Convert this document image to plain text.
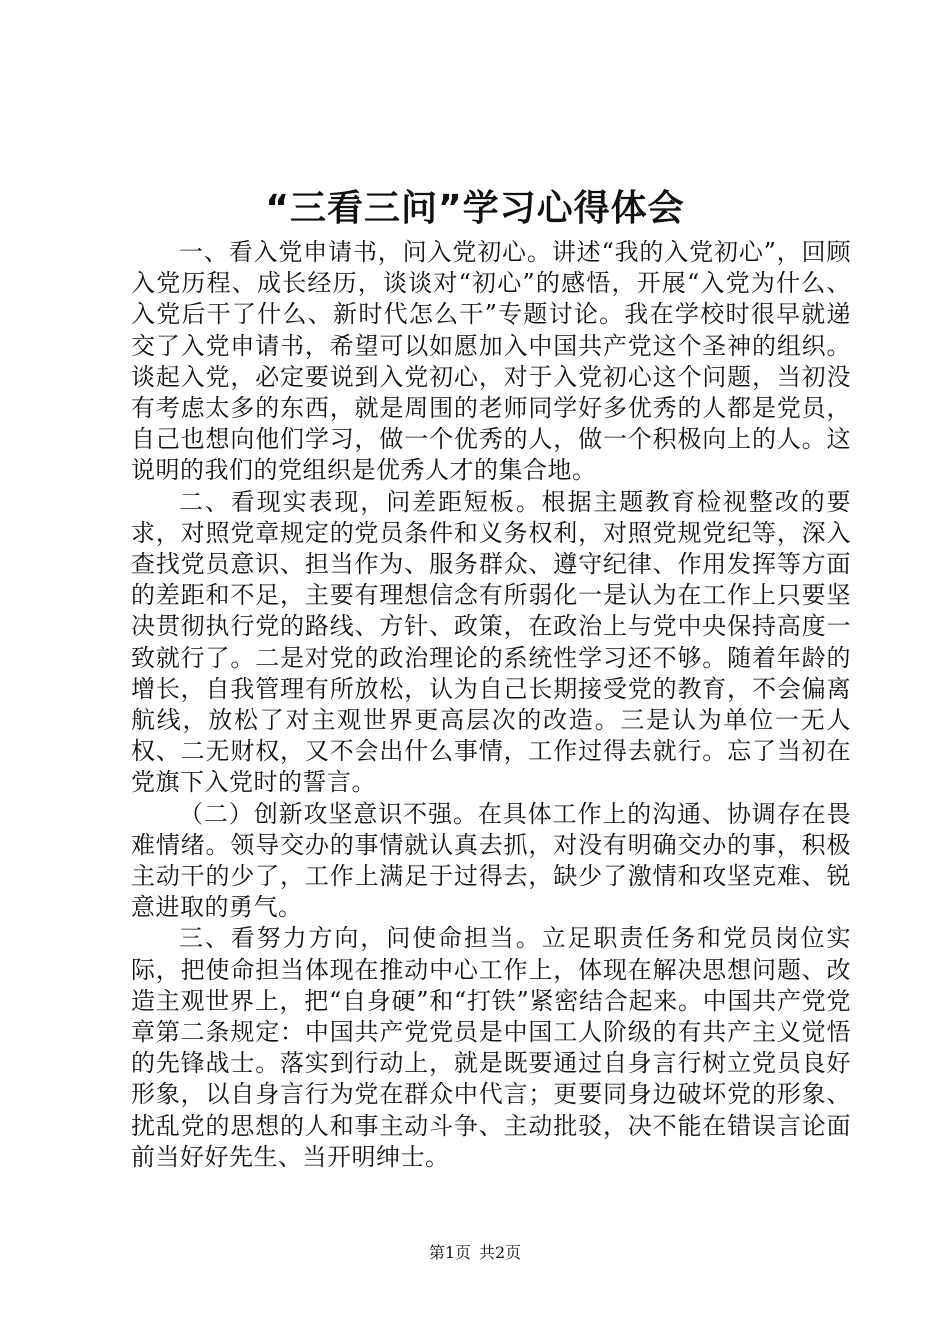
“三看三问”学习心得体会

一、看入党申请书，问入党初心。讲述“我的入党初心”，回顾入党历程、成长经历，谈谈对“初心”的感悟，开展“入党为什么、入党后干了什么、新时代怎么干”专题讨论。我在学校时很早就递交了入党申请书，希望可以如愿加入中国共产党这个圣神的组织。谈起入党，必定要说到入党初心，对于入党初心这个问题，当初没有考虑太多的东西，就是周围的老师同学好多优秀的人都是党员，自己也想向他们学习，做一个优秀的人，做一个积极向上的人。这说明的我们的党组织是优秀人才的集合地。

二、看现实表现，问差距短板。根据主题教育检视整改的要求，对照党章规定的党员条件和义务权利，对照党规党纪等，深入查找党员意识、担当作为、服务群众、遵守纪律、作用发挥等方面的差距和不足，主要有理想信念有所弱化一是认为在工作上只要坚决贯彻执行党的路线、方针、政策，在政治上与党中央保持高度一致就行了。二是对党的政治理论的系统性学习还不够。随着年龄的增长，自我管理有所放松，认为自己长期接受党的教育，不会偏离航线，放松了对主观世界更高层次的改造。三是认为单位一无人权、二无财权，又不会出什么事情，工作过得去就行。忘了当初在党旗下入党时的誓言。

（二）创新攻坚意识不强。在具体工作上的沟通、协调存在畏难情绪。领导交办的事情就认真去抓，对没有明确交办的事，积极主动干的少了，工作上满足于过得去，缺少了激情和攻坚克难、锐意进取的勇气。

三、看努力方向，问使命担当。立足职责任务和党员岗位实际，把使命担当体现在推动中心工作上，体现在解决思想问题、改造主观世界上，把“自身硬”和“打铁”紧密结合起来。中国共产党党章第二条规定：中国共产党党员是中国工人阶级的有共产主义觉悟的先锋战士。落实到行动上，就是既要通过自身言行树立党员良好形象，以自身言行为党在群众中代言；更要同身边破坏党的形象、扰乱党的思想的人和事主动斗争、主动批驳，决不能在错误言论面前当好好先生、当开明绅士。

第1页 共2页
